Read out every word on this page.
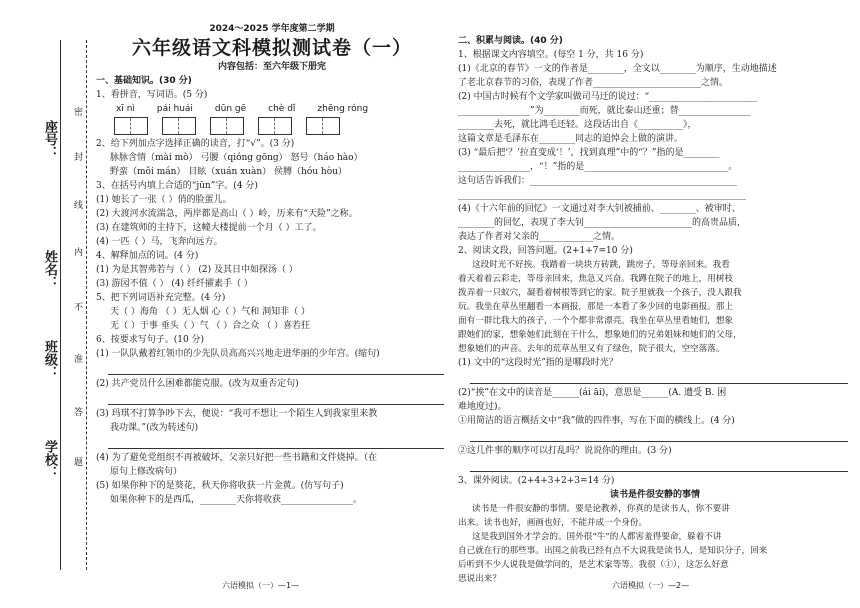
座号：
姓名：
班级：
学校：
密
封
线
内
不
准
答
题
2024～2025 学年度第二学期
六年级语文科模拟测试卷（一）
内容包括：至六年级下册完
一、基础知识。(30 分)
1、看拼音，写词语。(5 分)
xī nì pái huái dūn gē chè dǐ zhēng róng
2、给下列加点字选择正确的读音，打“√”。(3 分)
脉脉含情（mài mò） 弓腰（qióng gōng） 怒号（háo hào）
野蛮（mǒi mán） 目眩（xuán xuàn） 侯膊（hóu hòu）
3、在括号内填上合适的“jūn”字。(4 分)
(1) 她长了一张（ ）俏的脸蛋儿。
(2) 大渡河水流湍急，两岸都是高山（ ）岭，历来有“天险”之称。
(3) 在建筑师的主持下，这幢大楼提前一个月（ ）工了。
(4) 一匹（ ）马，飞奔向远方。
4、解释加点的词。(4 分)
(1) 为是其智弗若与（ ） (2) 及其日中如探汤（ ）
(3) 游园不值（ ） (4) 纤纤擢素手（ ）
5、把下列词语补充完整。(4 分)
天（ ）海角 （ ）无人烟 心（ ）气和 洞知非（ ）
无（ ）于事 垂头（ ）气 （ ）合之众 （ ）喜若狂
6、按要求写句子。(10 分)
(1) 一队队戴着红领巾的少先队员高高兴兴地走进华丽的少年宫。(缩句)
(2) 共产党员什么困难都能克服。(改为双重否定句)
(3) 玛琪不打算争吵下去，便说：“我可不想让一个陌生人到我家里来教
我功课。”(改为转述句)
(4) 为了避免党组织不再被破坏，父亲只好把一些书籍和文件烧掉。（在
原句上修改病句）
(5) 如果你种下的是葵花，秋天你将收获一片金黄。(仿写句子)
如果你种下的是西瓜，________天你将收获________________。
六语模拟（一）—1—
二、积累与阅读。(40 分)
1、根据课文内容填空。(每空 1 分，共 16 分)
(1)《北京的春节》一文的作者是________，全文以________为顺序，生动地描述
了老北京春节的习俗，表现了作者________________________之情。
(2) 中国古时候有个文学家叫做司马迁的说过：“________________________
________________”为________而死，就比泰山还重；替________________
________去死，就比鸿毛还轻。这段话出自《__________》，
这篇文章是毛泽东在________同志的追悼会上做的演讲。
(3) “最后把‘？’拉直变成‘！’，找到真理”中的“？”指的是________
________________，“！”指的是________________________________。
这句话告诉我们：______________________________________________
________________________________________________________________
(4)《十六年前的回忆》一文通过对李大钊被捕前、________、被审时、
________的回忆，表现了李大钊________________________的高贵品质，
表达了作者对父亲的____________之情。
2、阅读文段，回答问题。(2+1+7=10 分)
这段时光不好挨。我踏着一块块方砖跳，跳房子，等母亲回来。我看
着天着着云彩走，等母亲回来，焦急又兴奋。我蹲在院子的地上，用树枝
拨弄着一只蚁穴，凝看着树根等到它的家。院子里就我一个孩子，没人跟我
玩。我坐在草丛里翻看一本画报，那是一本看了多少回的电影画报。那上
面有一群比我大的孩子，一个个都非常漂亮。我坐在草丛里看她们，想象
跟她们的家，想象她们此刻在干什么，想象她们的兄弟姐妹和她们的父母，
想象她们的声音。去年的荒草丛里又有了绿色，院子很大，空空落落。
(1) 文中的“这段时光”指的是哪段时光？
(2)“挨”在文中的读音是______(ái āi)，意思是______(A. 遭受 B. 困
难地度过)。
①用简洁的语言概括文中“我”做的四件事，写在下面的横线上。(4 分)
②这几件事的顺序可以打乱吗？说说你的理由。(3 分)
3、课外阅读。(2+4+3+2+3=14 分)
读书是件很安静的事情
读书是一件很安静的事情。要是论教养，你真的是读书人，你不要讲
出来。读书也好，画画也好，不能并成一个身份。
这是我到国外才学会的。国外很“牛”的人都害羞得要命，躲着不讲
自己就在行的那些事。出国之前我已经有点不大说我是读书人，是知识分子，回来
后听到不少人说我是做学问的，是艺术家等等。我很（①），这怎么好意
思说出来？
六语模拟（一）—2—
